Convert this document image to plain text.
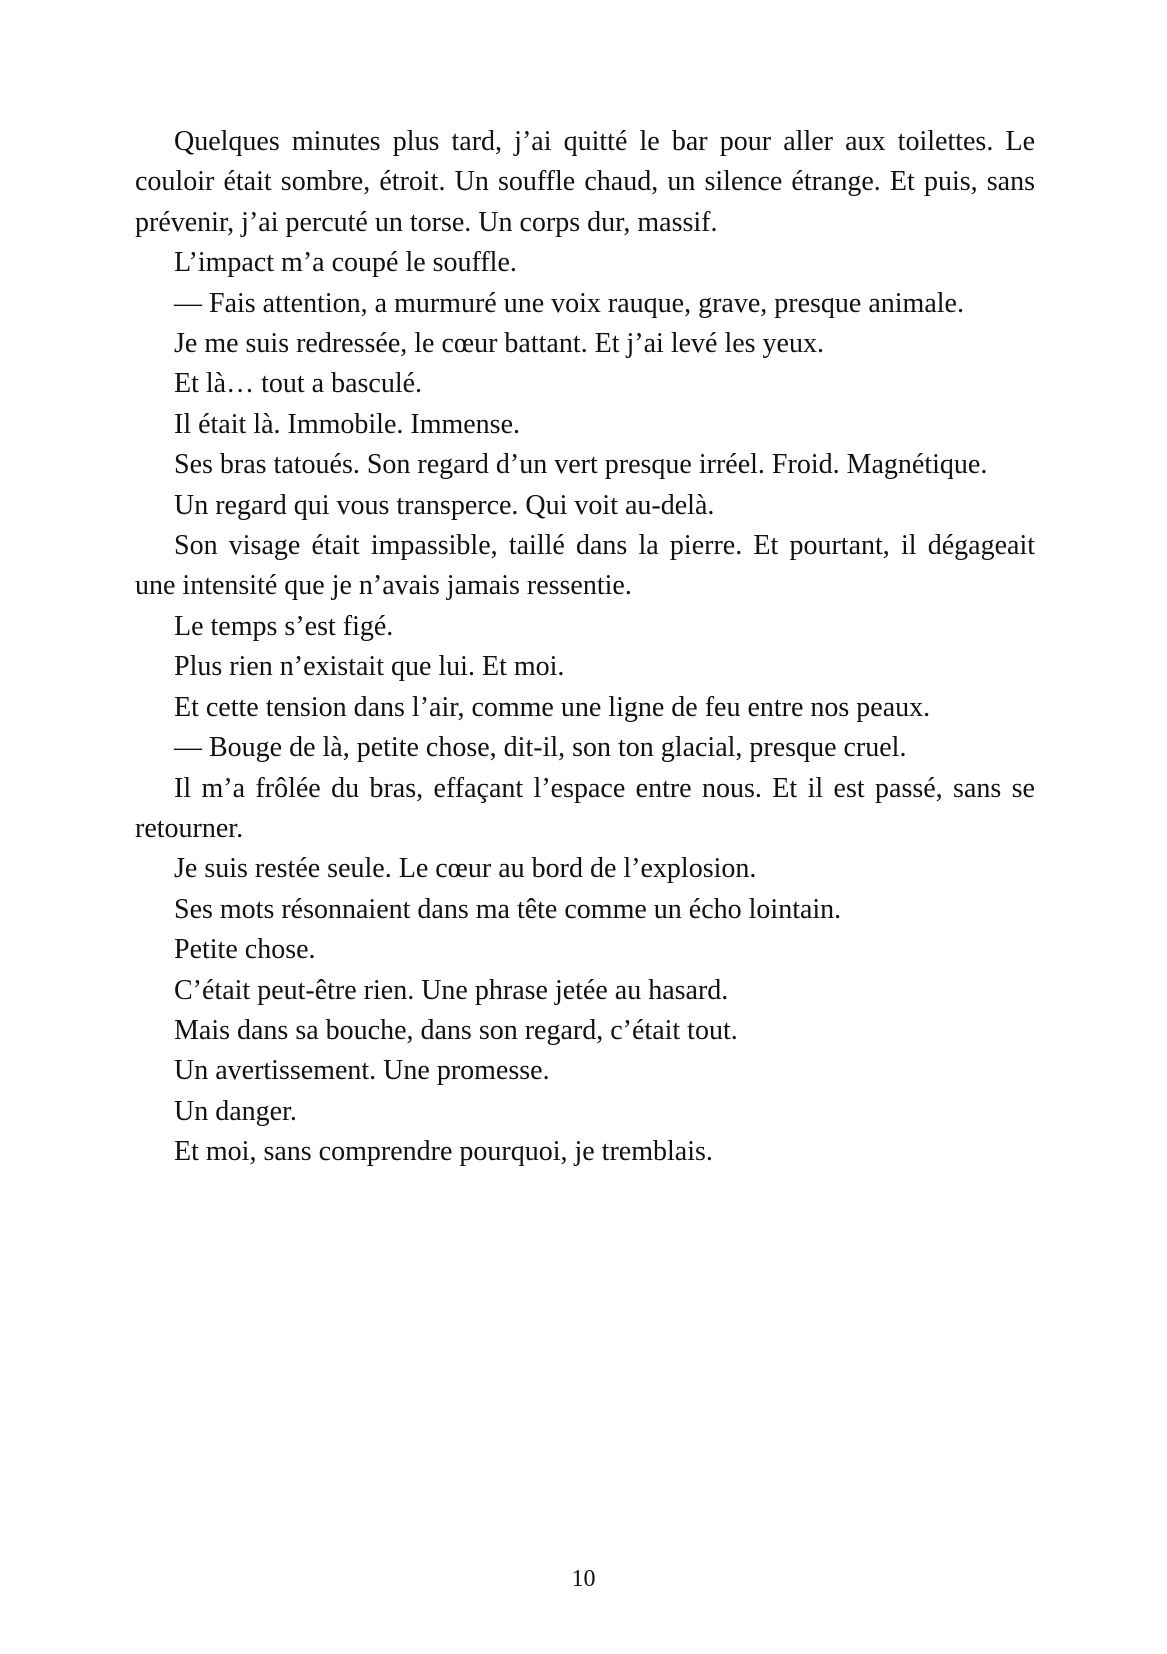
Quelques minutes plus tard, j’ai quitté le bar pour aller aux toilettes. Le couloir était sombre, étroit. Un souffle chaud, un silence étrange. Et puis, sans prévenir, j’ai percuté un torse. Un corps dur, massif.

L’impact m’a coupé le souffle.

— Fais attention, a murmuré une voix rauque, grave, presque animale.

Je me suis redressée, le cœur battant. Et j’ai levé les yeux.

Et là… tout a basculé.

Il était là. Immobile. Immense.

Ses bras tatoués. Son regard d’un vert presque irréel. Froid. Magnétique.

Un regard qui vous transperce. Qui voit au-delà.

Son visage était impassible, taillé dans la pierre. Et pourtant, il dégageait une intensité que je n’avais jamais ressentie.

Le temps s’est figé.

Plus rien n’existait que lui. Et moi.

Et cette tension dans l’air, comme une ligne de feu entre nos peaux.

— Bouge de là, petite chose, dit-il, son ton glacial, presque cruel.

Il m’a frôlée du bras, effaçant l’espace entre nous. Et il est passé, sans se retourner.

Je suis restée seule. Le cœur au bord de l’explosion.

Ses mots résonnaient dans ma tête comme un écho lointain.

Petite chose.

C’était peut-être rien. Une phrase jetée au hasard.

Mais dans sa bouche, dans son regard, c’était tout.

Un avertissement. Une promesse.

Un danger.

Et moi, sans comprendre pourquoi, je tremblais.

10
